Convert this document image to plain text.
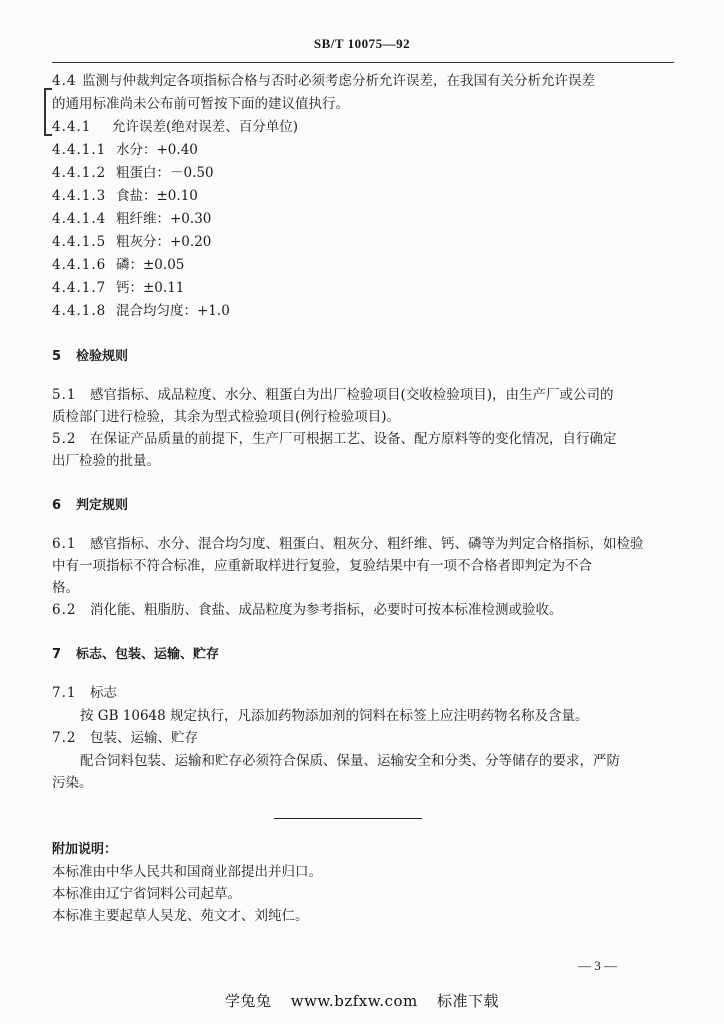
SB/T 10075—92
4.4 监测与仲裁判定各项指标合格与否时必须考虑分析允许误差，在我国有关分析允许误差
的通用标准尚未公布前可暂按下面的建议值执行。
4.4.1 允许误差(绝对误差、百分单位)
4.4.1.1 水分：+0.40
4.4.1.2 粗蛋白：－0.50
4.4.1.3 食盐：±0.10
4.4.1.4 粗纤维：+0.30
4.4.1.5 粗灰分：+0.20
4.4.1.6 磷：±0.05
4.4.1.7 钙：±0.11
4.4.1.8 混合均匀度：+1.0
5 检验规则
5.1 感官指标、成品粒度、水分、粗蛋白为出厂检验项目(交收检验项目)，由生产厂或公司的
质检部门进行检验，其余为型式检验项目(例行检验项目)。
5.2 在保证产品质量的前提下，生产厂可根据工艺、设备、配方原料等的变化情况，自行确定
出厂检验的批量。
6 判定规则
6.1 感官指标、水分、混合均匀度、粗蛋白、粗灰分、粗纤维、钙、磷等为判定合格指标，如检验
中有一项指标不符合标准，应重新取样进行复验，复验结果中有一项不合格者即判定为不合
格。
6.2 消化能、粗脂肪、食盐、成品粒度为参考指标，必要时可按本标准检测或验收。
7 标志、包装、运输、贮存
7.1 标志
按 GB 10648 规定执行，凡添加药物添加剂的饲料在标签上应注明药物名称及含量。
7.2 包装、运输、贮存
配合饲料包装、运输和贮存必须符合保质、保量、运输安全和分类、分等储存的要求，严防
污染。
附加说明：
本标准由中华人民共和国商业部提出并归口。
本标准由辽宁省饲料公司起草。
本标准主要起草人吴龙、苑文才、刘纯仁。
— 3 —
学兔兔 www.bzfxw.com 标准下载
